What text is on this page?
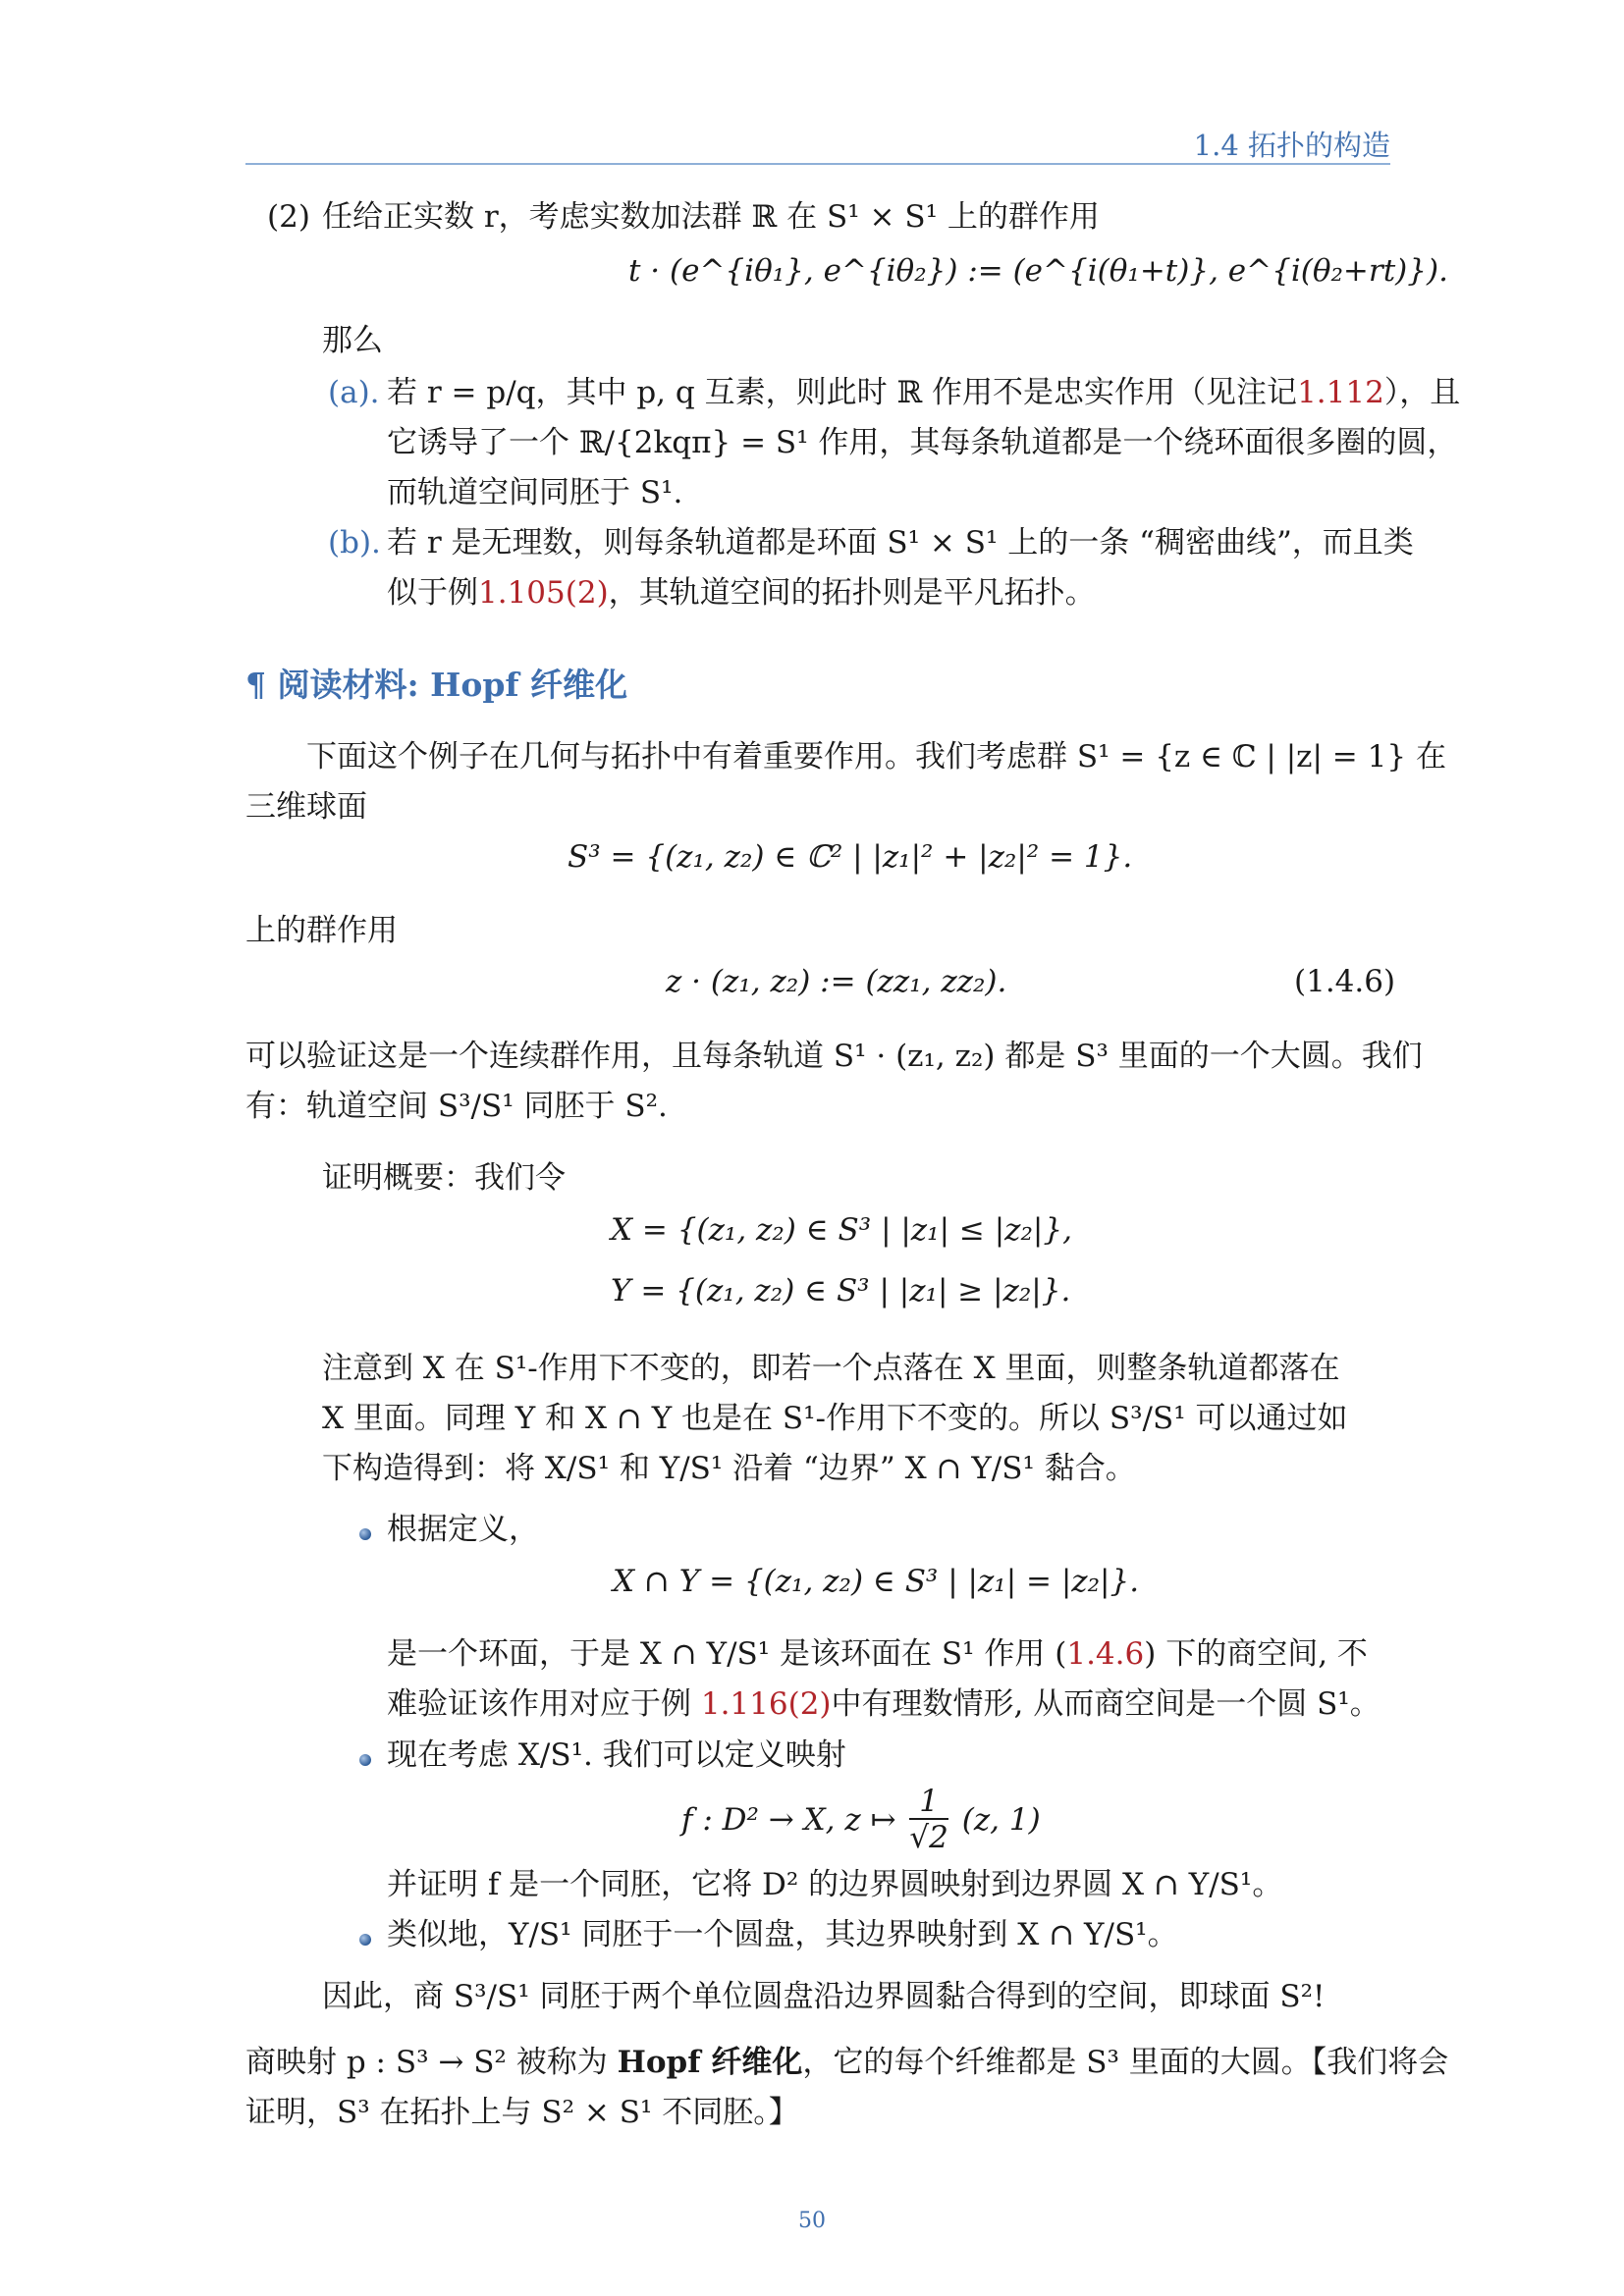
1.4 拓扑的构造
(2) 任给正实数 r，考虑实数加法群 ℝ 在 S¹ × S¹ 上的群作用
t · (e^{iθ₁}, e^{iθ₂}) := (e^{i(θ₁+t)}, e^{i(θ₂+rt)}).
那么
(a). 若 r = p/q，其中 p, q 互素，则此时 ℝ 作用不是忠实作用（见注记1.112），且
它诱导了一个 ℝ/{2kqπ} = S¹ 作用，其每条轨道都是一个绕环面很多圈的圆，
而轨道空间同胚于 S¹.
(b). 若 r 是无理数，则每条轨道都是环面 S¹ × S¹ 上的一条 “稠密曲线”，而且类
似于例1.105(2)，其轨道空间的拓扑则是平凡拓扑。
¶ 阅读材料: Hopf 纤维化
下面这个例子在几何与拓扑中有着重要作用。我们考虑群 S¹ = {z ∈ ℂ | |z| = 1} 在
三维球面
S³ = {(z₁, z₂) ∈ ℂ² | |z₁|² + |z₂|² = 1}.
上的群作用
z · (z₁, z₂) := (zz₁, zz₂).	(1.4.6)
可以验证这是一个连续群作用，且每条轨道 S¹ · (z₁, z₂) 都是 S³ 里面的一个大圆。我们
有：轨道空间 S³/S¹ 同胚于 S².
证明概要：我们令
X = {(z₁, z₂) ∈ S³ | |z₁| ≤ |z₂|},
Y = {(z₁, z₂) ∈ S³ | |z₁| ≥ |z₂|}.
注意到 X 在 S¹-作用下不变的，即若一个点落在 X 里面，则整条轨道都落在
X 里面。同理 Y 和 X ∩ Y 也是在 S¹-作用下不变的。所以 S³/S¹ 可以通过如
下构造得到：将 X/S¹ 和 Y/S¹ 沿着 “边界” X ∩ Y/S¹ 黏合。
根据定义，
X ∩ Y = {(z₁, z₂) ∈ S³ | |z₁| = |z₂|}.
是一个环面，于是 X ∩ Y/S¹ 是该环面在 S¹ 作用 (1.4.6) 下的商空间, 不
难验证该作用对应于例 1.116(2)中有理数情形, 从而商空间是一个圆 S¹。
现在考虑 X/S¹. 我们可以定义映射
f : D² → X, z ↦ $\frac{1}{√2} (z$, 1)
并证明 f 是一个同胚，它将 D² 的边界圆映射到边界圆 X ∩ Y/S¹。
类似地，Y/S¹ 同胚于一个圆盘，其边界映射到 X ∩ Y/S¹。
因此，商 S³/S¹ 同胚于两个单位圆盘沿边界圆黏合得到的空间，即球面 S²!
商映射 p : S³ → S² 被称为 Hopf 纤维化，它的每个纤维都是 S³ 里面的大圆。【我们将会
证明，S³ 在拓扑上与 S² × S¹ 不同胚。】
50
